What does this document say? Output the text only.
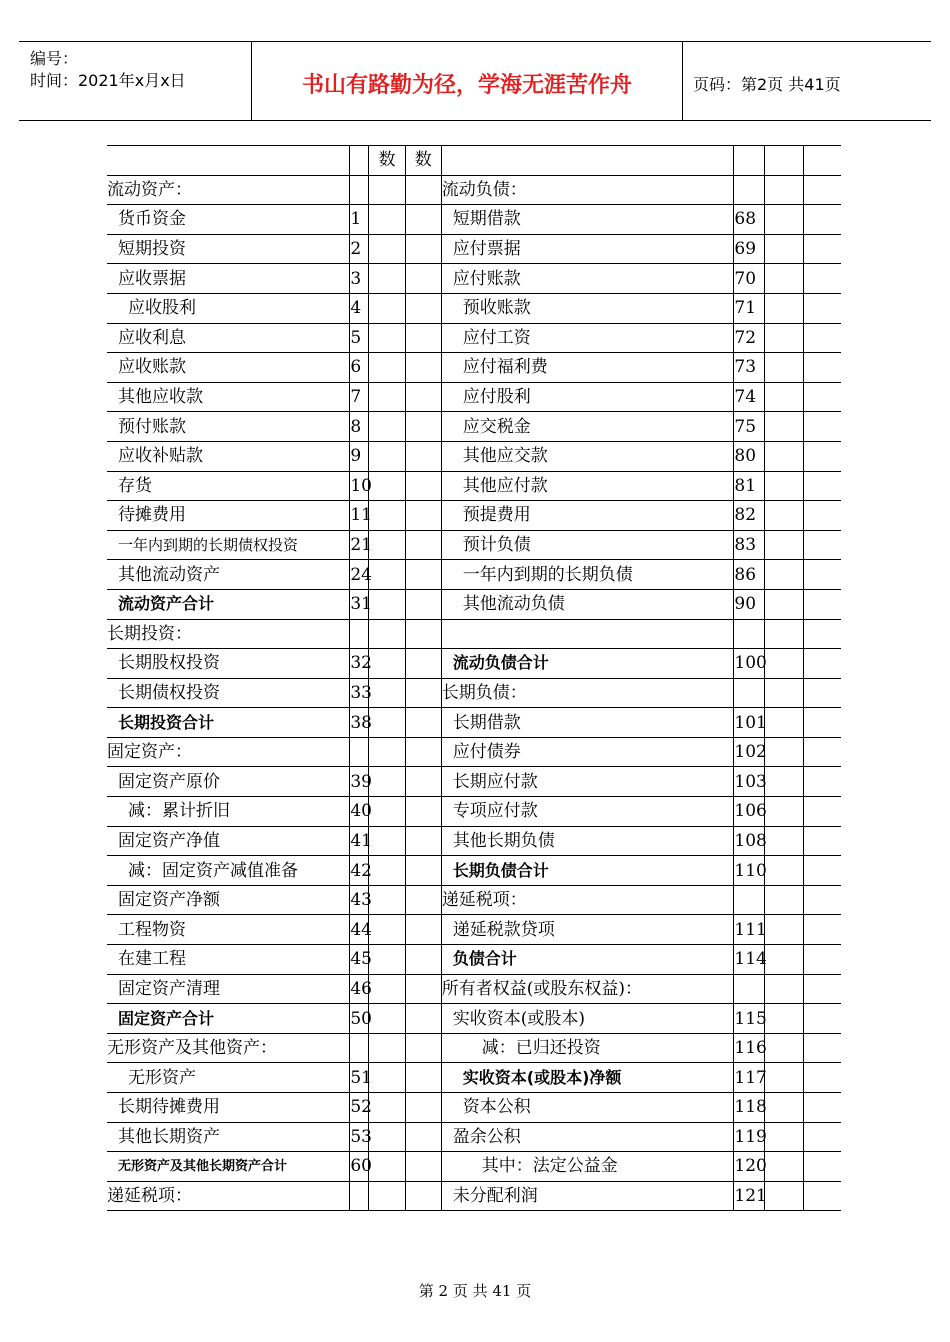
编号：
时间：2021年x月x日	书山有路勤为径，学海无涯苦作舟	页码：第2页 共41页
		数	数				
流动资产：				流动负债：			
货币资金	1			短期借款	68		
短期投资	2			应付票据	69		
应收票据	3			应付账款	70		
应收股利	4			预收账款	71		
应收利息	5			应付工资	72		
应收账款	6			应付福利费	73		
其他应收款	7			应付股利	74		
预付账款	8			应交税金	75		
应收补贴款	9			其他应交款	80		
存货	10			其他应付款	81		
待摊费用	11			预提费用	82		
一年内到期的长期债权投资	21			预计负债	83		
其他流动资产	24			一年内到期的长期负债	86		
流动资产合计	31			其他流动负债	90		
长期投资：							
长期股权投资	32			流动负债合计	100		
长期债权投资	33			长期负债：			
长期投资合计	38			长期借款	101		
固定资产：				应付债券	102		
固定资产原价	39			长期应付款	103		
减：累计折旧	40			专项应付款	106		
固定资产净值	41			其他长期负债	108		
减：固定资产减值准备	42			长期负债合计	110		
固定资产净额	43			递延税项：			
工程物资	44			递延税款贷项	111		
在建工程	45			负债合计	114		
固定资产清理	46			所有者权益(或股东权益)：			
固定资产合计	50			实收资本(或股本)	115		
无形资产及其他资产：				减：已归还投资	116		
无形资产	51			实收资本(或股本)净额	117		
长期待摊费用	52			资本公积	118		
其他长期资产	53			盈余公积	119		
无形资产及其他长期资产合计	60			其中：法定公益金	120		
递延税项：				未分配利润	121		
第 2 页 共 41 页
